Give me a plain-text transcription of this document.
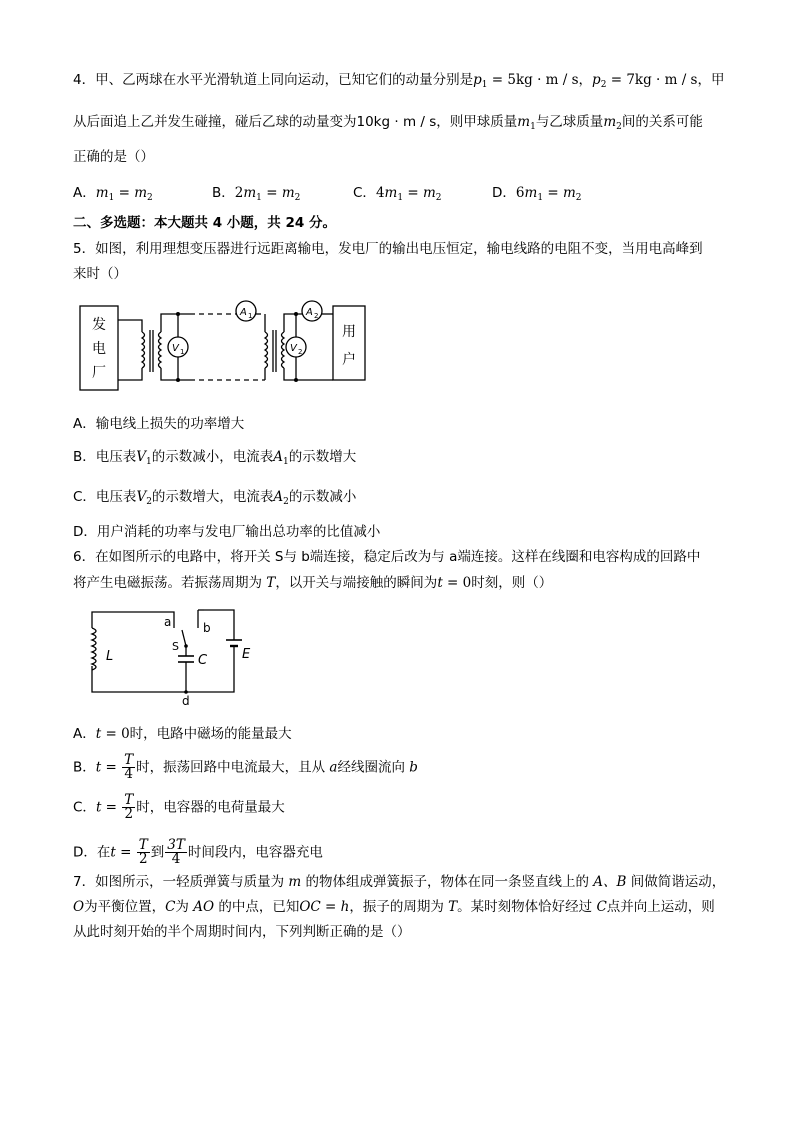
4．甲、乙两球在水平光滑轨道上同向运动，已知它们的动量分别是$p_1 = 5kg \cdot m / s$，$p_2 = 7kg \cdot m / s$，甲
从后面追上乙并发生碰撞，碰后乙球的动量变为10kg · m / s，则甲球质量$m_1$与乙球质量$m_2$间的关系可能
正确的是（）
A．$m_1 = m_2$	B．$2m_1 = m_2$	C．$4m_1 = m_2$	D．$6m_1 = m_2$
二、多选题：本大题共 4 小题，共 24 分。
5．如图，利用理想变压器进行远距离输电，发电厂的输出电压恒定，输电线路的电阻不变，当用电高峰到
来时（）
发
电
厂
用
户
V 1	V 2
A 1	A 2
A．输电线上损失的功率增大
B．电压表$V_1$的示数减小，电流表$A_1$的示数增大
C．电压表$V_2$的示数增大，电流表$A_2$的示数减小
D．用户消耗的功率与发电厂输出总功率的比值减小
6．在如图所示的电路中，将开关 S与 b端连接，稳定后改为与 a端连接。这样在线圈和电容构成的回路中
将产生电磁振荡。若振荡周期为 T，以开关与端接触的瞬间为t = 0时刻，则（）
L	C	E
a	b
S
d
A．t = 0时，电路中磁场的能量最大
B．$t = \frac{T}{4}$ 时，振荡回路中电流最大，且从 a经线圈流向 b
C．$t = \frac{T}{2}$ 时，电容器的电荷量最大
D．在$t = \frac{T}{2}$ 到 $\frac{3T}{4}$ 时间段内，电容器充电
7．如图所示，一轻质弹簧与质量为 m 的物体组成弹簧振子，物体在同一条竖直线上的 A、B 间做简谐运动，
O为平衡位置，C为 AO 的中点，已知OC = h，振子的周期为 T。某时刻物体恰好经过 C点并向上运动，则
从此时刻开始的半个周期时间内，下列判断正确的是（）
